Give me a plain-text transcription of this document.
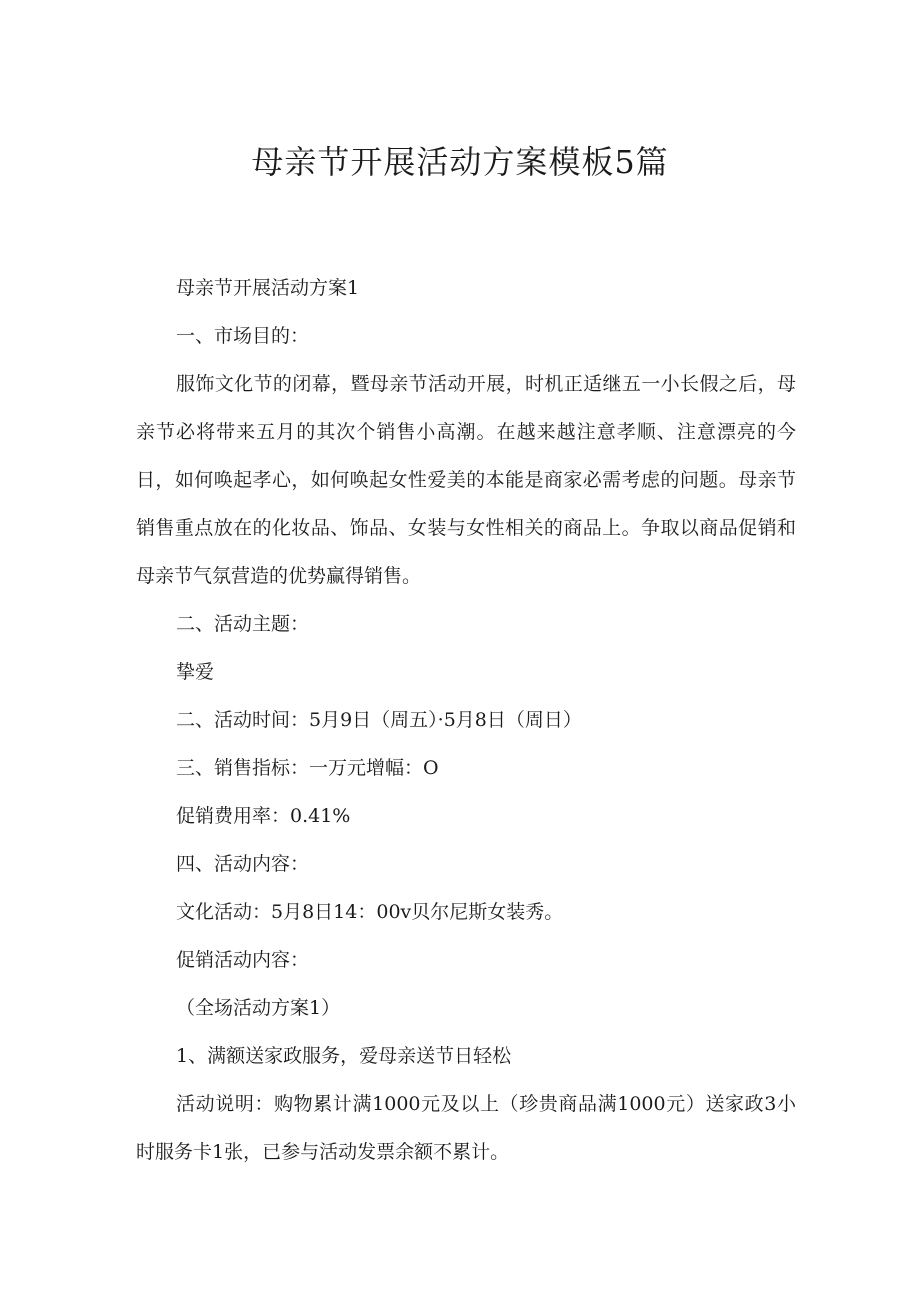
母亲节开展活动方案模板5篇

母亲节开展活动方案1

一、市场目的：

服饰文化节的闭幕，暨母亲节活动开展，时机正适继五一小长假之后，母亲节必将带来五月的其次个销售小高潮。在越来越注意孝顺、注意漂亮的今日，如何唤起孝心，如何唤起女性爱美的本能是商家必需考虑的问题。母亲节销售重点放在的化妆品、饰品、女装与女性相关的商品上。争取以商品促销和母亲节气氛营造的优势赢得销售。

二、活动主题：

挚爱

二、活动时间：5月9日（周五）·5月8日（周日）

三、销售指标：一万元增幅：O

促销费用率：0.41%

四、活动内容：

文化活动：5月8日14：00v贝尔尼斯女装秀。

促销活动内容：

（全场活动方案1）

1、满额送家政服务，爱母亲送节日轻松

活动说明：购物累计满1000元及以上（珍贵商品满1000元）送家政3小时服务卡1张，已参与活动发票余额不累计。
